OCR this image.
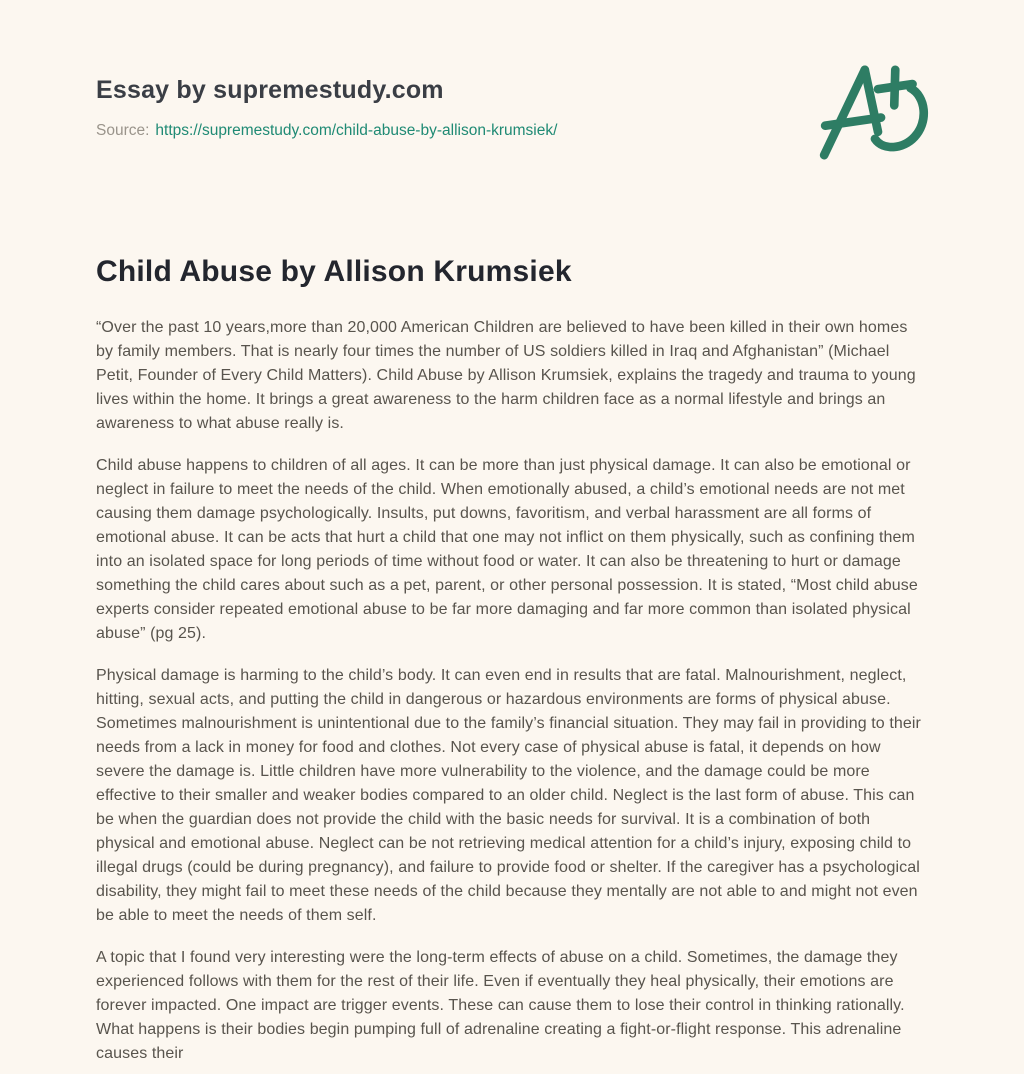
Essay by supremestudy.com

Source: https://supremestudy.com/child-abuse-by-allison-krumsiek/

Child Abuse by Allison Krumsiek

“Over the past 10 years,more than 20,000 American Children are believed to have been killed in their own homes by family members. That is nearly four times the number of US soldiers killed in Iraq and Afghanistan” (Michael Petit, Founder of Every Child Matters). Child Abuse by Allison Krumsiek, explains the tragedy and trauma to young lives within the home. It brings a great awareness to the harm children face as a normal lifestyle and brings an awareness to what abuse really is.

Child abuse happens to children of all ages. It can be more than just physical damage. It can also be emotional or neglect in failure to meet the needs of the child. When emotionally abused, a child’s emotional needs are not met causing them damage psychologically. Insults, put downs, favoritism, and verbal harassment are all forms of emotional abuse. It can be acts that hurt a child that one may not inflict on them physically, such as confining them into an isolated space for long periods of time without food or water. It can also be threatening to hurt or damage something the child cares about such as a pet, parent, or other personal possession. It is stated, “Most child abuse experts consider repeated emotional abuse to be far more damaging and far more common than isolated physical abuse” (pg 25).

Physical damage is harming to the child’s body. It can even end in results that are fatal. Malnourishment, neglect, hitting, sexual acts, and putting the child in dangerous or hazardous environments are forms of physical abuse. Sometimes malnourishment is unintentional due to the family’s financial situation. They may fail in providing to their needs from a lack in money for food and clothes. Not every case of physical abuse is fatal, it depends on how severe the damage is. Little children have more vulnerability to the violence, and the damage could be more effective to their smaller and weaker bodies compared to an older child. Neglect is the last form of abuse. This can be when the guardian does not provide the child with the basic needs for survival. It is a combination of both physical and emotional abuse. Neglect can be not retrieving medical attention for a child’s injury, exposing child to illegal drugs (could be during pregnancy), and failure to provide food or shelter. If the caregiver has a psychological disability, they might fail to meet these needs of the child because they mentally are not able to and might not even be able to meet the needs of them self.

A topic that I found very interesting were the long-term effects of abuse on a child. Sometimes, the damage they experienced follows with them for the rest of their life. Even if eventually they heal physically, their emotions are forever impacted. One impact are trigger events. These can cause them to lose their control in thinking rationally. What happens is their bodies begin pumping full of adrenaline creating a fight-or-flight response. This adrenaline causes their
